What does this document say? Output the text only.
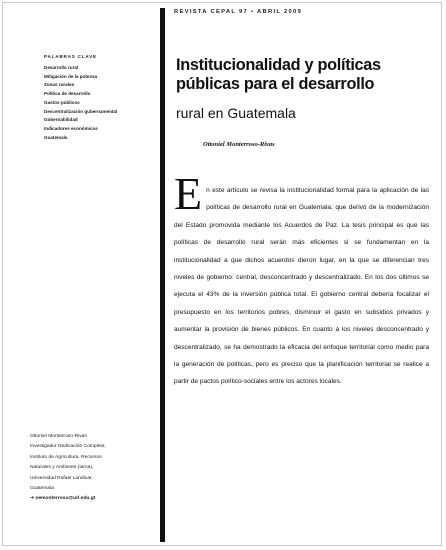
REVISTA CEPAL 97 • ABRIL 2009
PALABRAS CLAVE
Desarrollo rural
Mitigación de la pobreza
Zonas rurales
Política de desarrollo
Gastos públicos
Descentralización gubernamental
Gobernabilidad
Indicadores económicos
Guatemala
Institucionalidad y políticas públicas para el desarrollo
rural en Guatemala
Ottoniel Monterroso-Rivas
En este artículo se revisa la institucionalidad formal para la aplicación de las políticas de desarrollo rural en Guatemala, que derivó de la modernización del Estado promovida mediante los Acuerdos de Paz. La tesis principal es que las políticas de desarrollo rural serán más eficientes si se fundamentan en la institucionalidad a que dichos acuerdos dieron lugar, en la que se diferencian tres niveles de gobierno: central, desconcentrado y descentralizado. En los dos últimos se ejecuta el 43% de la inversión pública total. El gobierno central debería focalizar el presupuesto en los territorios pobres, disminuir el gasto en subsidios privados y aumentar la provisión de bienes públicos. En cuanto a los niveles desconcentrado y descentralizado, se ha demostrado la eficacia del enfoque territorial como medio para la generación de políticas, pero es preciso que la planificación territorial se realice a partir de pactos político-sociales entre los actores locales.
Ottoniel Monterroso-Rivas
Investigador Dedicación Completa,
Instituto de Agricultura, Recursos
Naturales y Ambiente (iarna),
Universidad Rafael Landívar,
Guatemala
➜ oemonterroso@url.edu.gt
